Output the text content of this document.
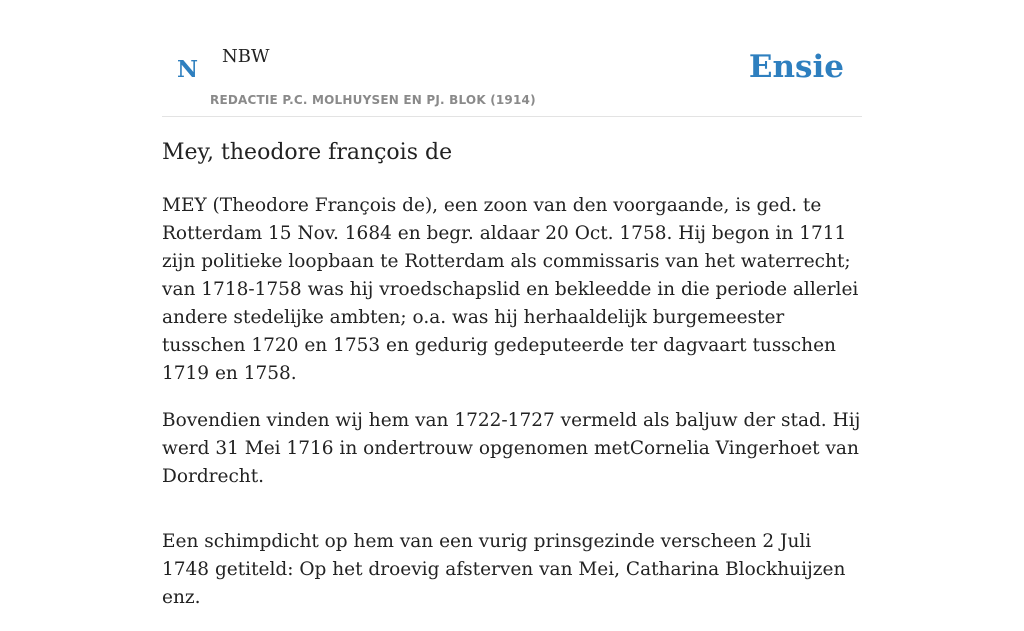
N NBW
REDACTIE P.C. MOLHUYSEN EN PJ. BLOK (1914)
Ensie
Mey, theodore françois de

MEY (Theodore François de), een zoon van den voorgaande, is ged. te Rotterdam 15 Nov. 1684 en begr. aldaar 20 Oct. 1758. Hij begon in 1711 zijn politieke loopbaan te Rotterdam als commissaris van het waterrecht; van 1718-1758 was hij vroedschapslid en bekleedde in die periode allerlei andere stedelijke ambten; o.a. was hij herhaaldelijk burgemeester tusschen 1720 en 1753 en gedurig gedeputeerde ter dagvaart tusschen 1719 en 1758.

Bovendien vinden wij hem van 1722-1727 vermeld als baljuw der stad. Hij werd 31 Mei 1716 in ondertrouw opgenomen metCornelia Vingerhoet van Dordrecht.

Een schimpdicht op hem van een vurig prinsgezinde verscheen 2 Juli 1748 getiteld: Op het droevig afsterven van Mei, Catharina Blockhuijzen enz.
